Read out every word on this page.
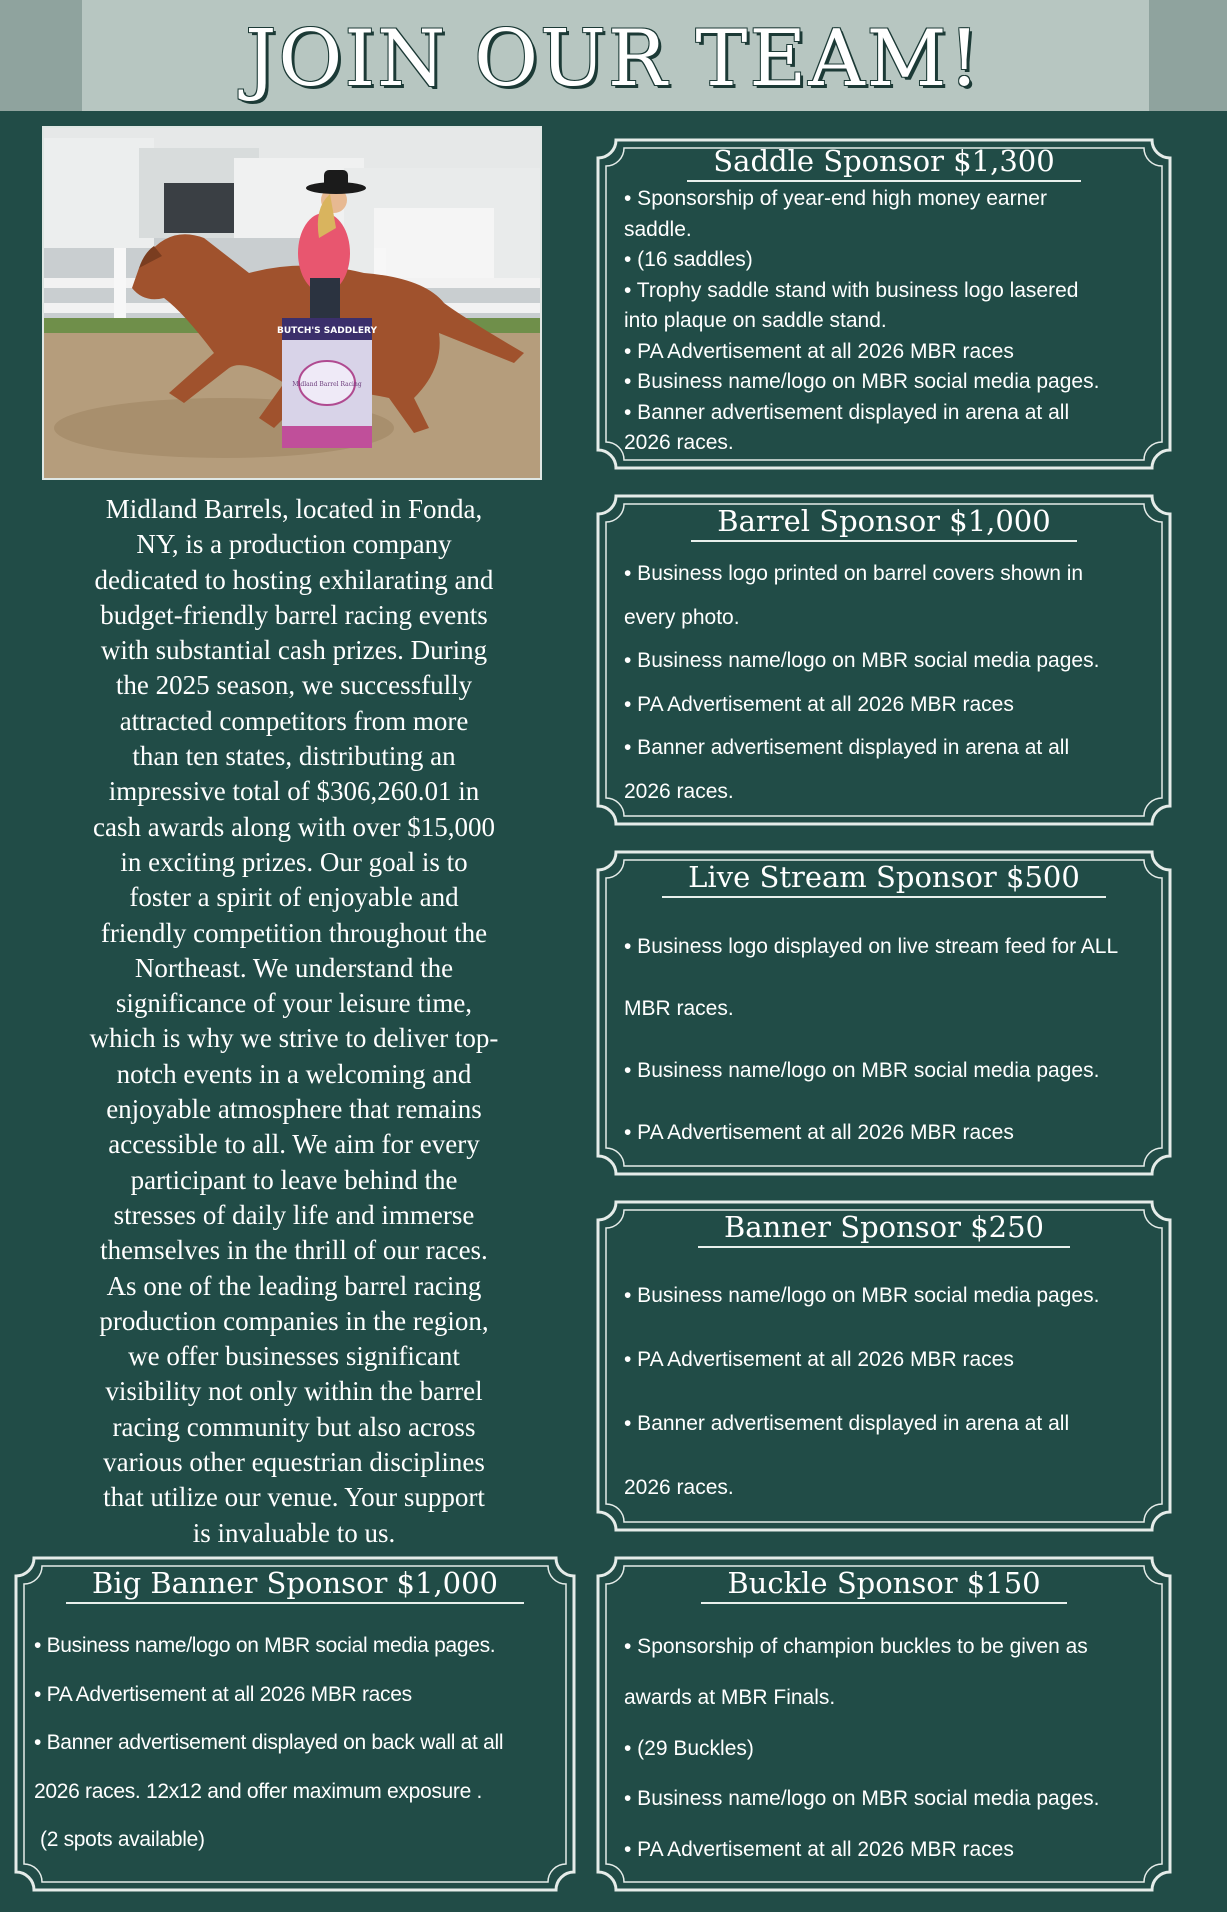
JOIN OUR TEAM!
BUTCH'S SADDLERY
Midland Barrel Racing
Midland Barrels, located in Fonda,
NY, is a production company
dedicated to hosting exhilarating and
budget-friendly barrel racing events
with substantial cash prizes. During
the 2025 season, we successfully
attracted competitors from more
than ten states, distributing an
impressive total of $306,260.01 in
cash awards along with over $15,000
in exciting prizes. Our goal is to
foster a spirit of enjoyable and
friendly competition throughout the
Northeast. We understand the
significance of your leisure time,
which is why we strive to deliver top-
notch events in a welcoming and
enjoyable atmosphere that remains
accessible to all. We aim for every
participant to leave behind the
stresses of daily life and immerse
themselves in the thrill of our races.
As one of the leading barrel racing
production companies in the region,
we offer businesses significant
visibility not only within the barrel
racing community but also across
various other equestrian disciplines
that utilize our venue. Your support
is invaluable to us.
Saddle Sponsor $1,300

• Sponsorship of year-end high money earner

saddle.

• (16 saddles)

• Trophy saddle stand with business logo lasered

into plaque on saddle stand.

• PA Advertisement at all 2026 MBR races

• Business name/logo on MBR social media pages.

• Banner advertisement displayed in arena at all

2026 races.

Barrel Sponsor $1,000

• Business logo printed on barrel covers shown in

every photo.

• Business name/logo on MBR social media pages.

• PA Advertisement at all 2026 MBR races

• Banner advertisement displayed in arena at all

2026 races.

Live Stream Sponsor $500

• Business logo displayed on live stream feed for ALL

MBR races.

• Business name/logo on MBR social media pages.

• PA Advertisement at all 2026 MBR races

Banner Sponsor $250

• Business name/logo on MBR social media pages.

• PA Advertisement at all 2026 MBR races

• Banner advertisement displayed in arena at all

2026 races.

Buckle Sponsor $150

• Sponsorship of champion buckles to be given as

awards at MBR Finals.

• (29 Buckles)

• Business name/logo on MBR social media pages.

• PA Advertisement at all 2026 MBR races

Big Banner Sponsor $1,000

• Business name/logo on MBR social media pages.

• PA Advertisement at all 2026 MBR races

• Banner advertisement displayed on back wall at all

2026 races. 12x12 and offer maximum exposure .

(2 spots available)
